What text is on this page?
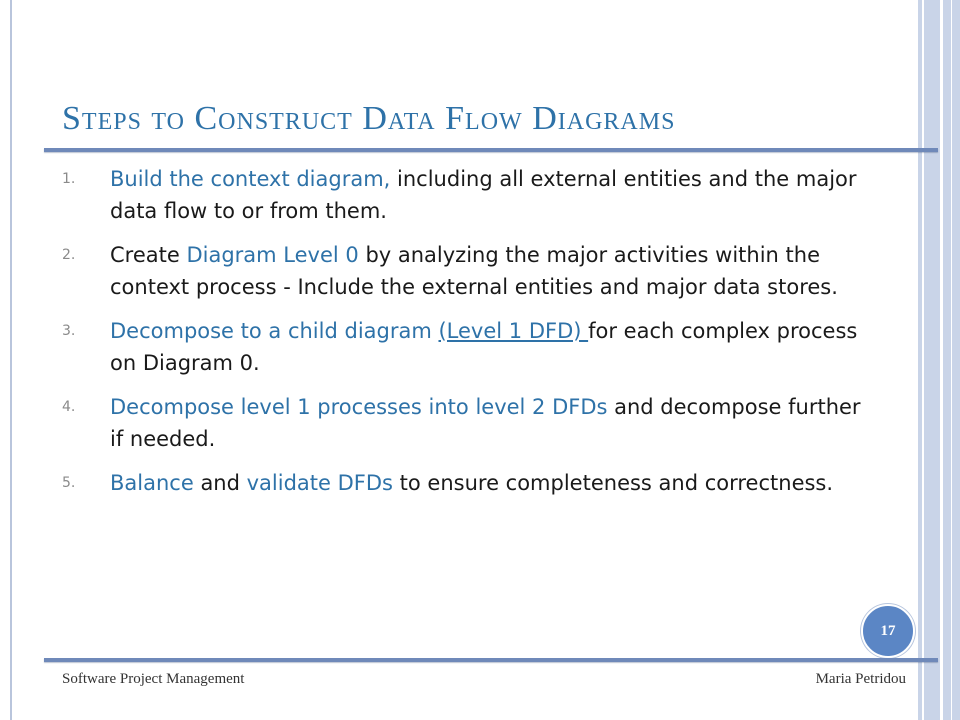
Steps to Construct Data Flow Diagrams
1. Build the context diagram, including all external entities and the major data flow to or from them.
2. Create Diagram Level 0 by analyzing the major activities within the context process - Include the external entities and major data stores.
3. Decompose to a child diagram (Level 1 DFD) for each complex process on Diagram 0.
4. Decompose level 1 processes into level 2 DFDs and decompose further if needed.
5. Balance and validate DFDs to ensure completeness and correctness.
17
Software Project Management	Maria Petridou
